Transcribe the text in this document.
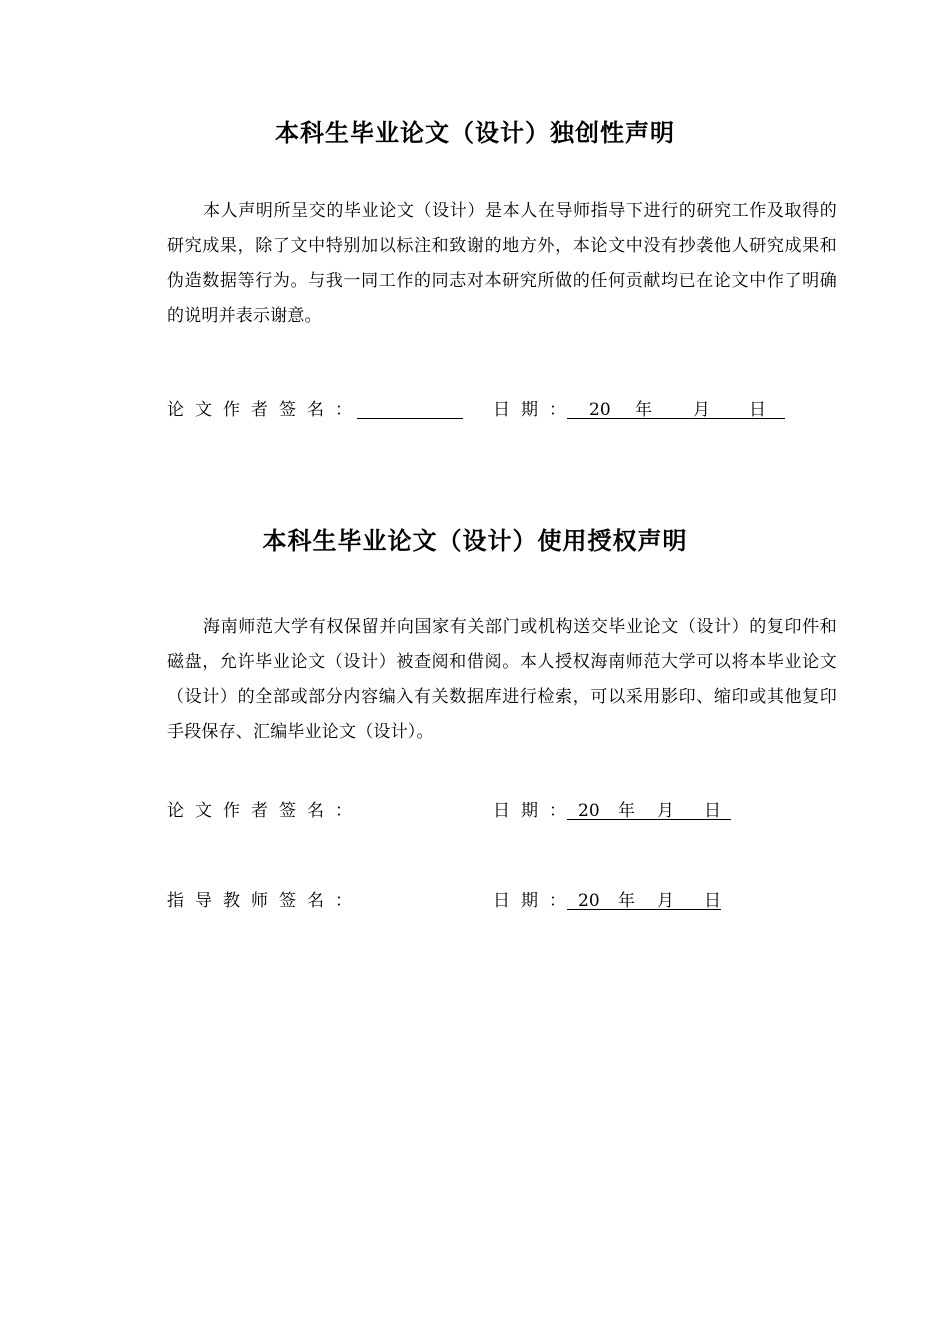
本科生毕业论文（设计）独创性声明

本人声明所呈交的毕业论文（设计）是本人在导师指导下进行的研究工作及取得的研究成果，除了文中特别加以标注和致谢的地方外，本论文中没有抄袭他人研究成果和伪造数据等行为。与我一同工作的同志对本研究所做的任何贡献均已在论文中作了明确的说明并表示谢意。

论文作者签名：	日期： 20 年 月 日
本科生毕业论文（设计）使用授权声明

海南师范大学有权保留并向国家有关部门或机构送交毕业论文（设计）的复印件和磁盘，允许毕业论文（设计）被查阅和借阅。本人授权海南师范大学可以将本毕业论文（设计）的全部或部分内容编入有关数据库进行检索，可以采用影印、缩印或其他复印手段保存、汇编毕业论文（设计）。

论文作者签名：	日期： 20 年 月 日
指导教师签名：	日期： 20 年 月 日
